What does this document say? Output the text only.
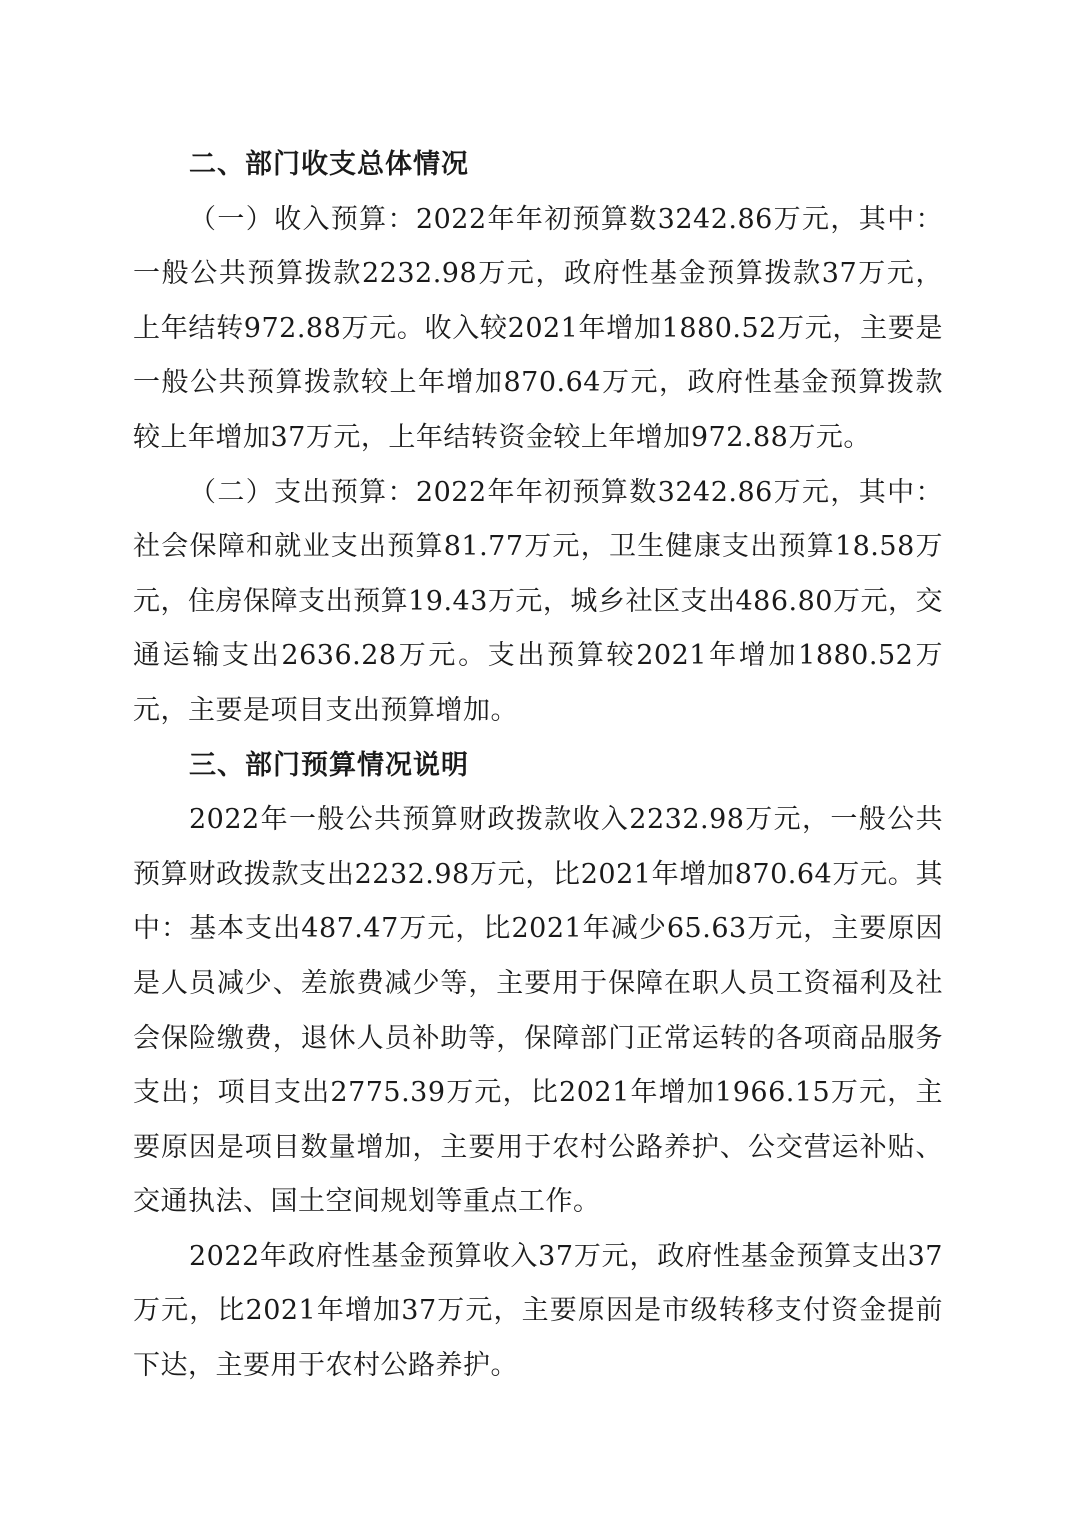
二、部门收支总体情况

（一）收入预算：2022年年初预算数3242.86万元，其中：一般公共预算拨款2232.98万元，政府性基金预算拨款37万元，上年结转972.88万元。收入较2021年增加1880.52万元，主要是一般公共预算拨款较上年增加870.64万元，政府性基金预算拨款较上年增加37万元，上年结转资金较上年增加972.88万元。

（二）支出预算：2022年年初预算数3242.86万元，其中：社会保障和就业支出预算81.77万元，卫生健康支出预算18.58万元，住房保障支出预算19.43万元，城乡社区支出486.80万元，交通运输支出2636.28万元。支出预算较2021年增加1880.52万元，主要是项目支出预算增加。

三、部门预算情况说明

2022年一般公共预算财政拨款收入2232.98万元，一般公共预算财政拨款支出2232.98万元，比2021年增加870.64万元。其中：基本支出487.47万元，比2021年减少65.63万元，主要原因是人员减少、差旅费减少等，主要用于保障在职人员工资福利及社会保险缴费，退休人员补助等，保障部门正常运转的各项商品服务支出；项目支出2775.39万元，比2021年增加1966.15万元，主要原因是项目数量增加，主要用于农村公路养护、公交营运补贴、交通执法、国土空间规划等重点工作。

2022年政府性基金预算收入37万元，政府性基金预算支出37万元，比2021年增加37万元，主要原因是市级转移支付资金提前下达，主要用于农村公路养护。
